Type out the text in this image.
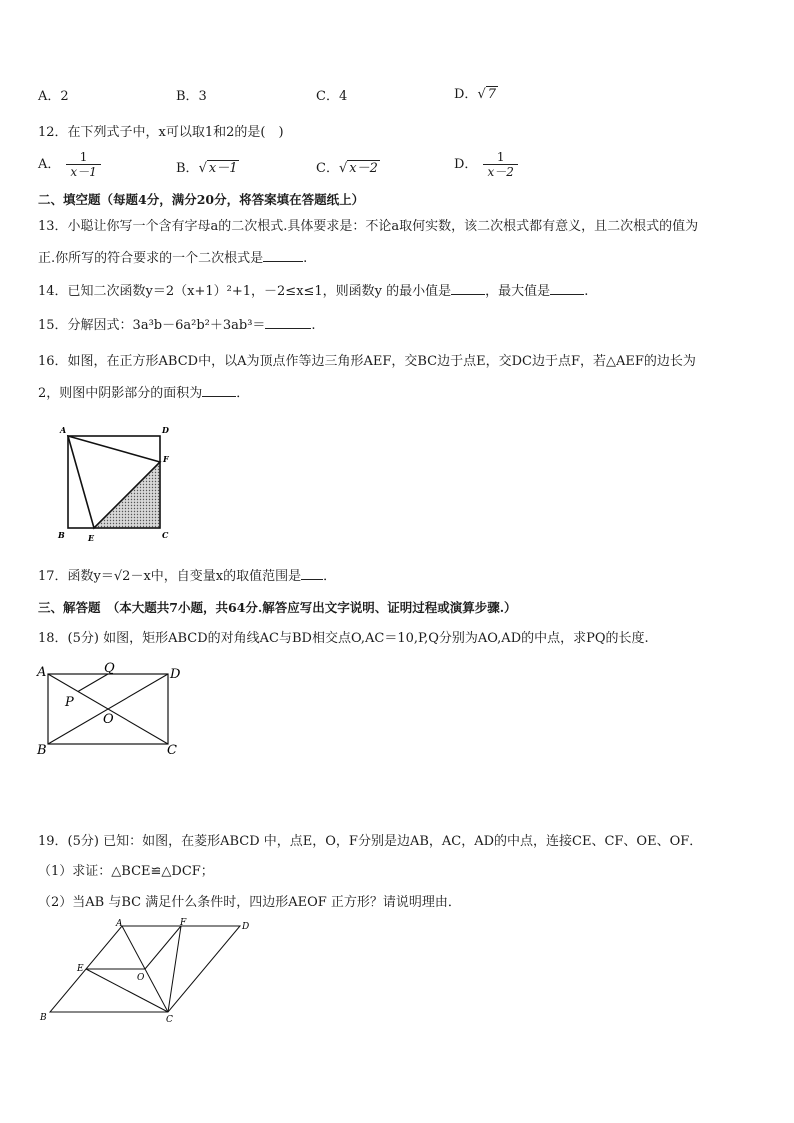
A．2	B．3	C．4	D．√ 7
12．在下列式子中，x可以取1和2的是(　)
A． $\frac{1}{x-1}$	B．√ x－1	C．√ x－2	D． $\frac{1}{x-2}$
二、填空题（每题4分，满分20分，将答案填在答题纸上）
13．小聪让你写一个含有字母a的二次根式.具体要求是：不论a取何实数，该二次根式都有意义，且二次根式的值为
正.你所写的符合要求的一个二次根式是	.
14．已知二次函数y＝2（x+1）²+1，－2≤x≤1，则函数y 的最小值是	，最大值是	.
15．分解因式：3a³b－6a²b²＋3ab³＝	.
16．如图，在正方形ABCD中，以A为顶点作等边三角形AEF，交BC边于点E，交DC边于点F，若△AEF的边长为
2，则图中阴影部分的面积为	．
A	D
F
B	E	C
17．函数y＝√2－x中，自变量x的取值范围是 ．
三、解答题　（本大题共7小题，共64分.解答应写出文字说明、证明过程或演算步骤.）
18．(5分) 如图，矩形ABCD的对角线AC与BD相交点O,AC＝10,P,Q分别为AO,AD的中点，求PQ的长度.
A	D
B	C
O
P
Q
19．(5分) 已知：如图，在菱形ABCD 中，点E，O，F分别是边AB，AC，AD的中点，连接CE、CF、OE、OF．
（1）求证：△BCE≌△DCF；
（2）当AB 与BC 满足什么条件时，四边形AEOF 正方形？请说明理由．
A	F	D
E
O
B	C
